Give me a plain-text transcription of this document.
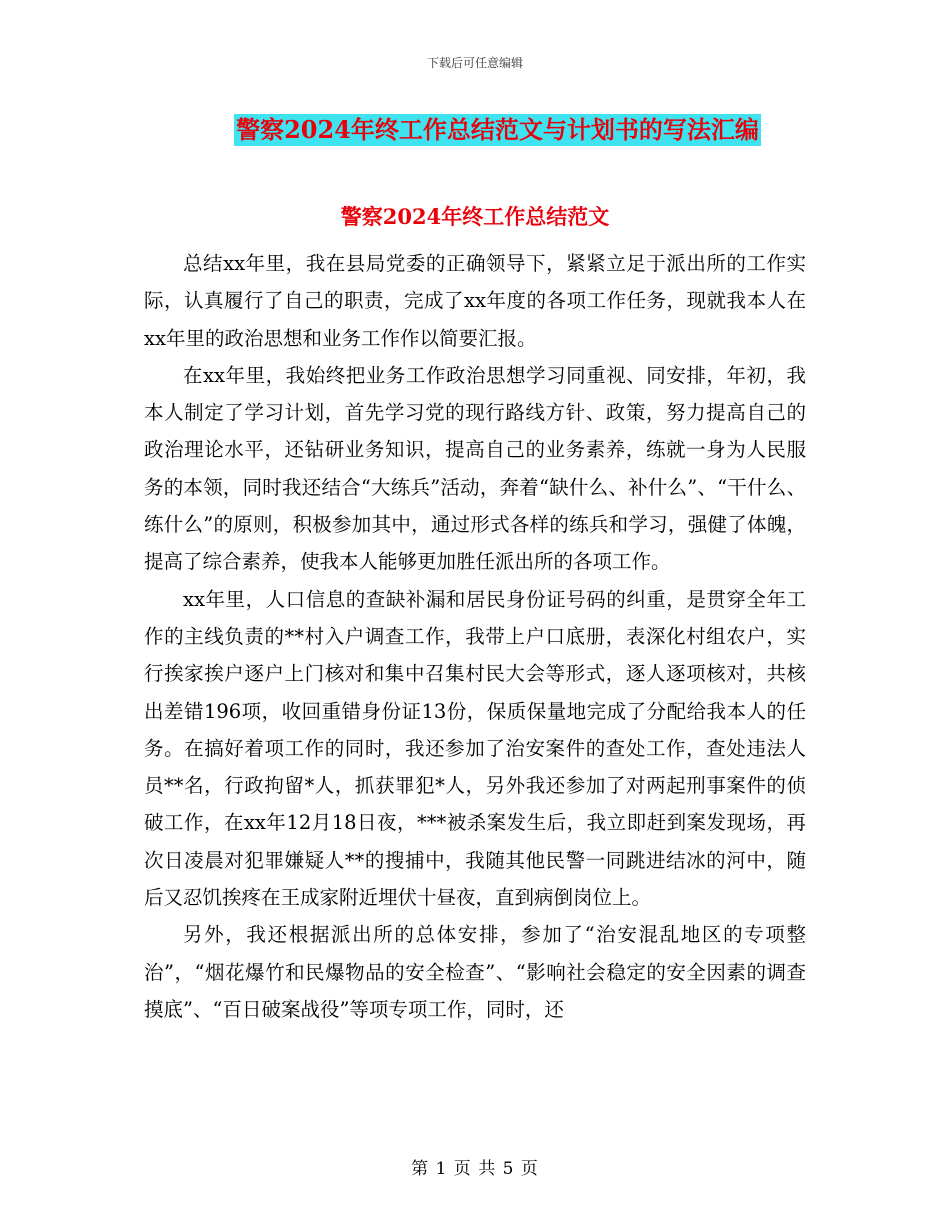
下载后可任意编辑
警察2024年终工作总结范文与计划书的写法汇编
警察2024年终工作总结范文

总结xx年里，我在县局党委的正确领导下，紧紧立足于派出所的工作实际，认真履行了自己的职责，完成了xx年度的各项工作任务，现就我本人在xx年里的政治思想和业务工作作以简要汇报。

在xx年里，我始终把业务工作政治思想学习同重视、同安排，年初，我本人制定了学习计划，首先学习党的现行路线方针、政策，努力提高自己的政治理论水平，还钻研业务知识，提高自己的业务素养，练就一身为人民服务的本领，同时我还结合“大练兵”活动，奔着“缺什么、补什么”、“干什么、练什么”的原则，积极参加其中，通过形式各样的练兵和学习，强健了体魄，提高了综合素养，使我本人能够更加胜任派出所的各项工作。

xx年里，人口信息的查缺补漏和居民身份证号码的纠重，是贯穿全年工作的主线负责的**村入户调查工作，我带上户口底册，表深化村组农户，实行挨家挨户逐户上门核对和集中召集村民大会等形式，逐人逐项核对，共核出差错196项，收回重错身份证13份，保质保量地完成了分配给我本人的任务。在搞好着项工作的同时，我还参加了治安案件的查处工作，查处违法人员**名，行政拘留*人，抓获罪犯*人，另外我还参加了对两起刑事案件的侦破工作，在xx年12月18日夜，***被杀案发生后，我立即赶到案发现场，再次日凌晨对犯罪嫌疑人**的搜捕中，我随其他民警一同跳进结冰的河中，随后又忍饥挨疼在王成家附近埋伏十昼夜，直到病倒岗位上。

另外，我还根据派出所的总体安排，参加了“治安混乱地区的专项整治”，“烟花爆竹和民爆物品的安全检查”、“影响社会稳定的安全因素的调查摸底”、“百日破案战役”等项专项工作，同时，还

第 1 页 共 5 页
